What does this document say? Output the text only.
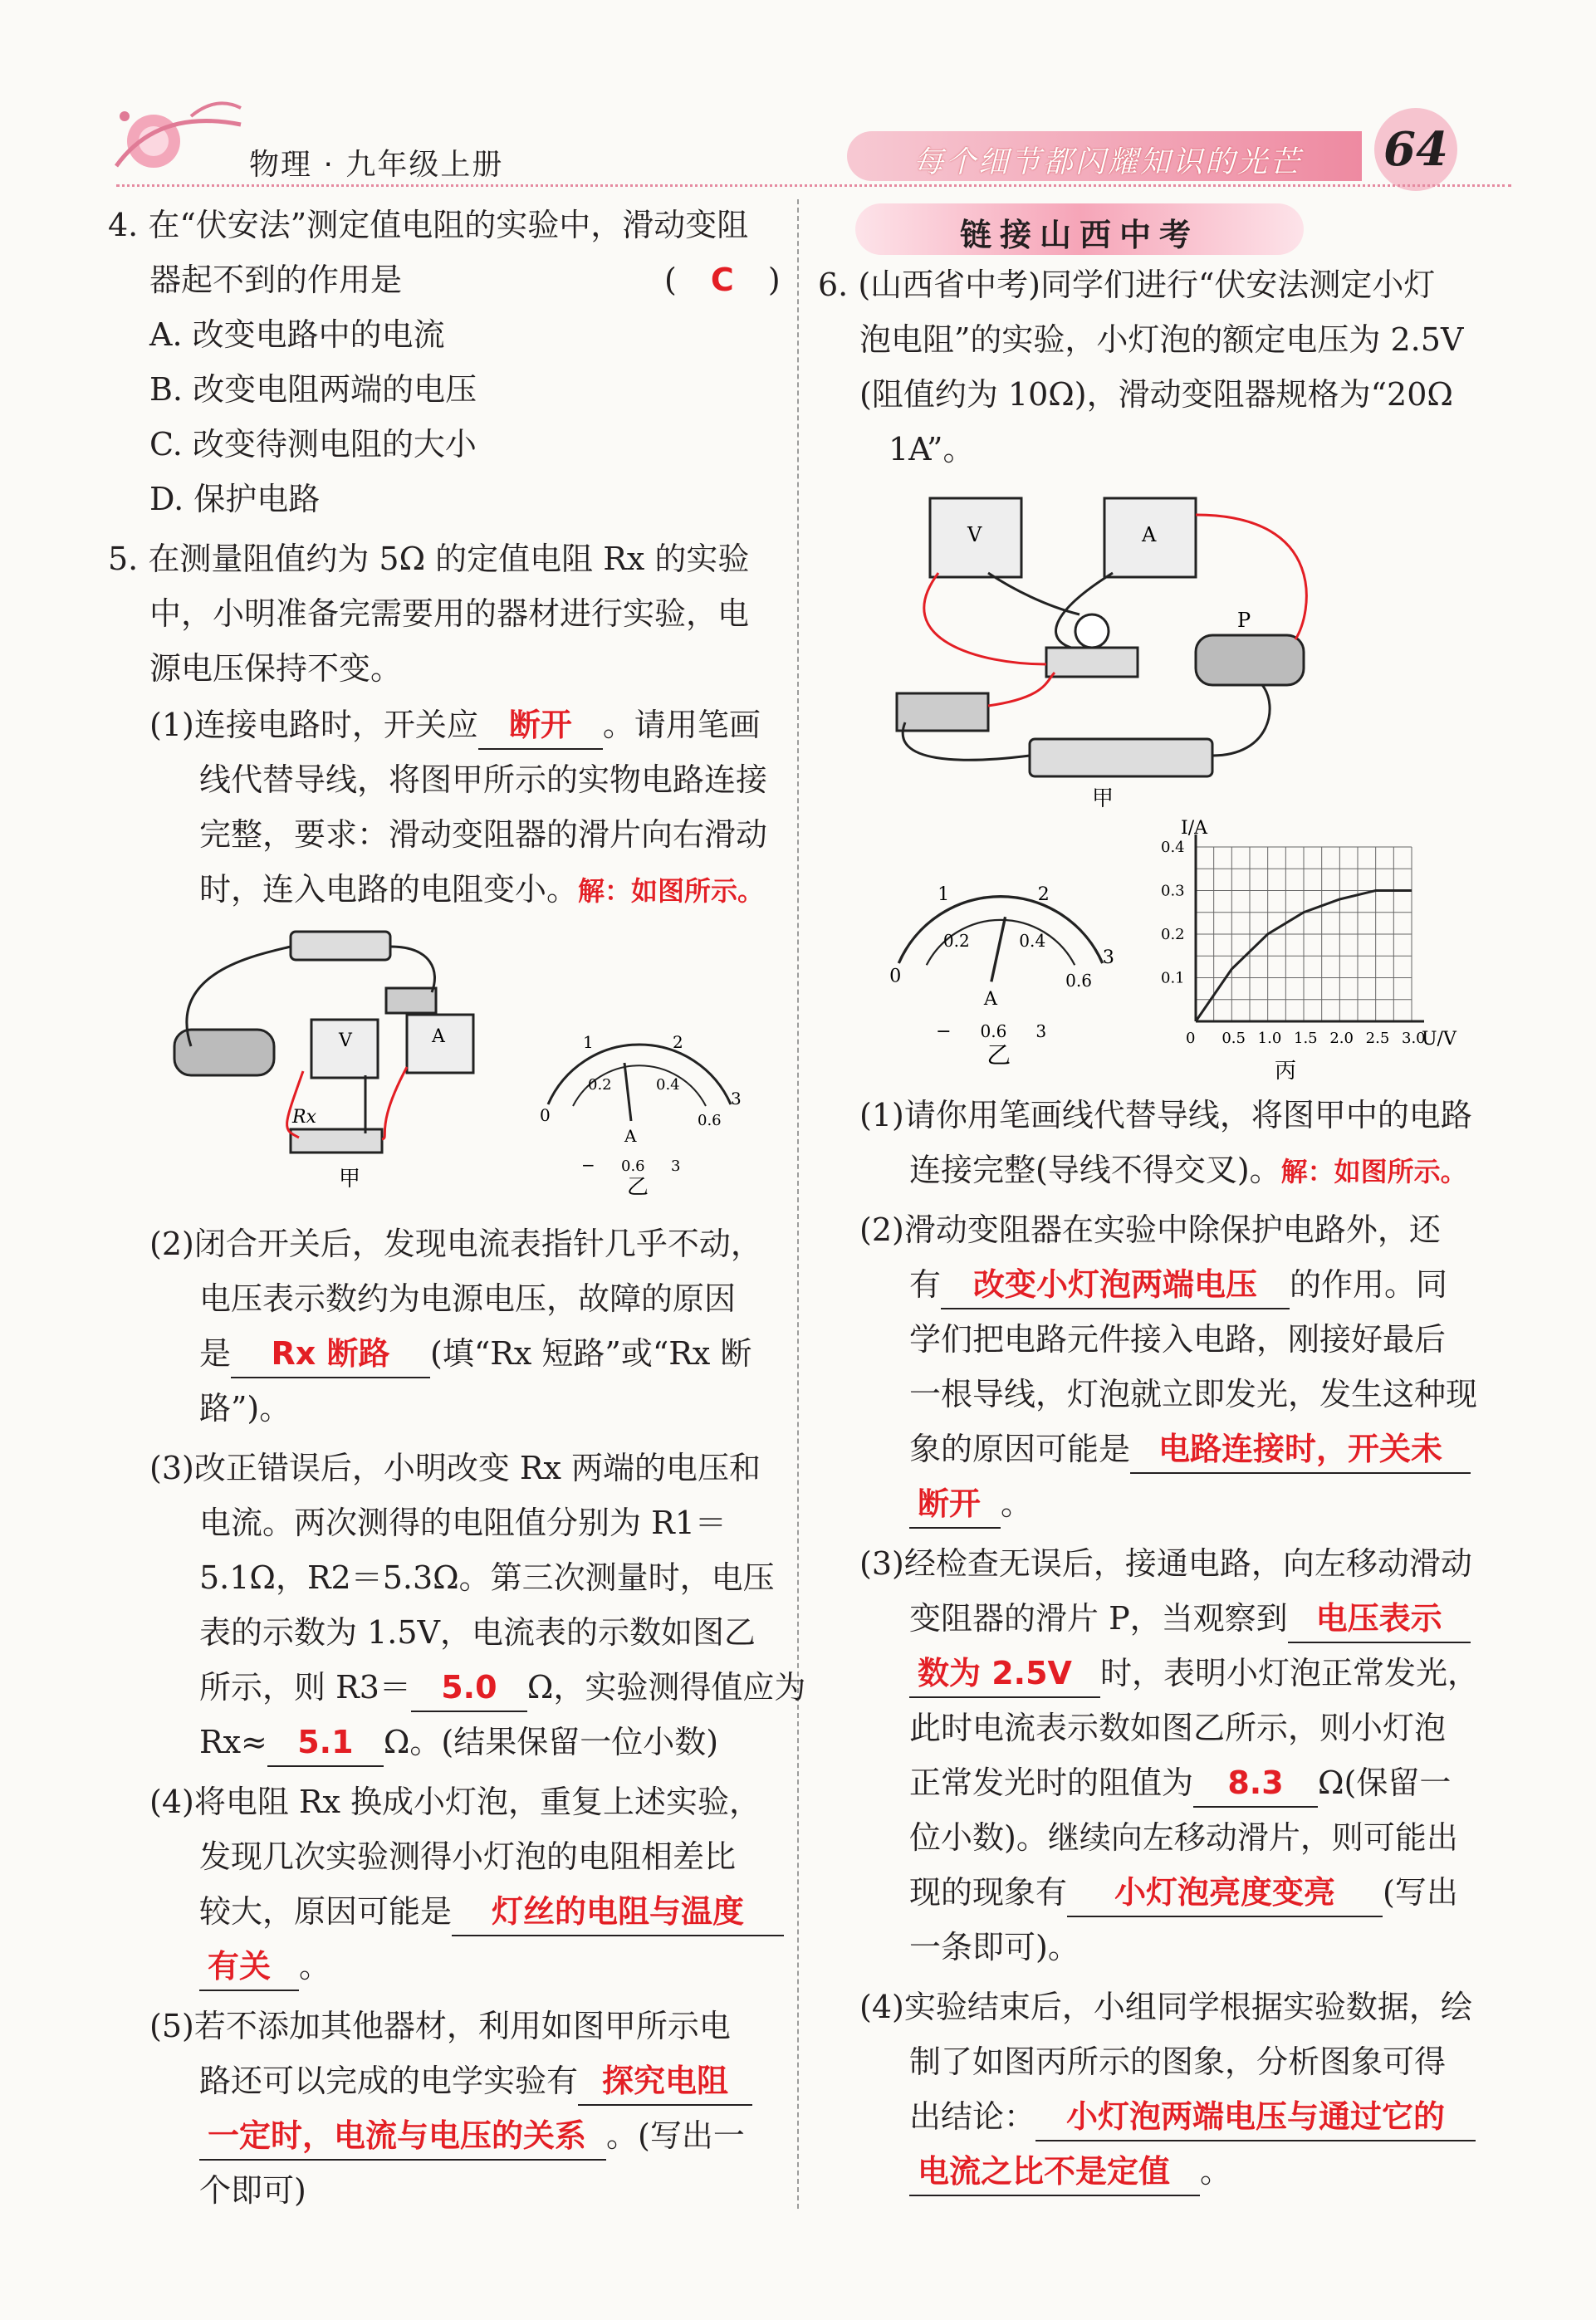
物理 · 九年级上册	每个细节都闪耀知识的光芒 64
4. 在“伏安法”测定值电阻的实验中，滑动变阻
器起不到的作用是	( C )
A. 改变电路中的电流
B. 改变电阻两端的电压
C. 改变待测电阻的大小
D. 保护电路
5. 在测量阻值约为 5Ω 的定值电阻 Rx 的实验
中，小明准备完需要用的器材进行实验，电
源电压保持不变。
(1)连接电路时，开关应 断开 。请用笔画
线代替导线，将图甲所示的实物电路连接
完整，要求：滑动变阻器的滑片向右滑动
时，连入电路的电阻变小。解：如图所示。
V	A
Rx
甲
0
1	2
3
0.2	0.4
0.6
A
− 0.6 3
乙
(2)闭合开关后，发现电流表指针几乎不动，
电压表示数约为电源电压，故障的原因
是 Rx 断路 (填“Rx 短路”或“Rx 断
路”)。
(3)改正错误后，小明改变 Rx 两端的电压和
电流。两次测得的电阻值分别为 R1＝
5.1Ω，R2＝5.3Ω。第三次测量时，电压
表的示数为 1.5V，电流表的示数如图乙
所示，则 R3＝ 5.0 Ω，实验测得值应为
Rx≈ 5.1 Ω。(结果保留一位小数)
(4)将电阻 Rx 换成小灯泡，重复上述实验，
发现几次实验测得小灯泡的电阻相差比
较大，原因可能是 灯丝的电阻与温度
有关 。
(5)若不添加其他器材，利用如图甲所示电
路还可以完成的电学实验有 探究电阻
一定时，电流与电压的关系 。(写出一
个即可)
链接山西中考
6. (山西省中考)同学们进行“伏安法测定小灯
泡电阻”的实验，小灯泡的额定电压为 2.5V
(阻值约为 10Ω)，滑动变阻器规格为“20Ω
1A”。
V	A
P
甲
0
1	2
3
0.2	0.4
0.6
A
− 0.6 3
乙
I/A
U/V
丙
0 0.5 1.0 1.5 2.0 2.5 3.0
0.1
0.2
0.3
0.4
(1)请你用笔画线代替导线，将图甲中的电路
连接完整(导线不得交叉)。解：如图所示。
(2)滑动变阻器在实验中除保护电路外，还
有 改变小灯泡两端电压 的作用。同
学们把电路元件接入电路，刚接好最后
一根导线，灯泡就立即发光，发生这种现
象的原因可能是 电路连接时，开关未
断开 。
(3)经检查无误后，接通电路，向左移动滑动
变阻器的滑片 P，当观察到 电压表示
数为 2.5V 时，表明小灯泡正常发光，
此时电流表示数如图乙所示，则小灯泡
正常发光时的阻值为 8.3 Ω(保留一
位小数)。继续向左移动滑片，则可能出
现的现象有 小灯泡亮度变亮 (写出
一条即可)。
(4)实验结束后，小组同学根据实验数据，绘
制了如图丙所示的图象，分析图象可得
出结论： 小灯泡两端电压与通过它的
电流之比不是定值 。
